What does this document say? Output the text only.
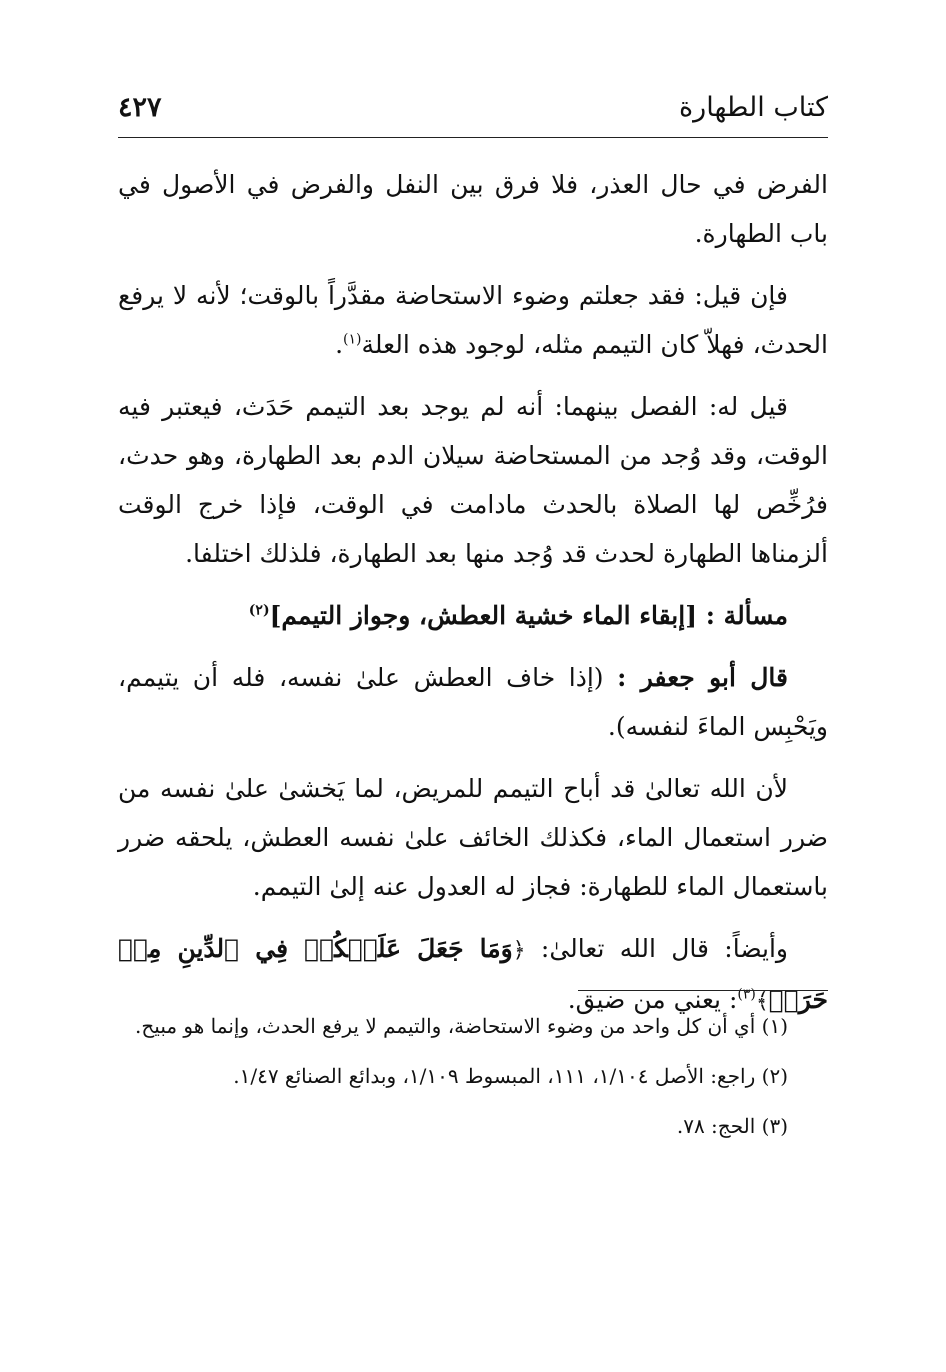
كتاب الطهارة
٤٢٧

الفرض في حال العذر، فلا فرق بين النفل والفرض في الأصول في باب الطهارة.

فإن قيل: فقد جعلتم وضوء الاستحاضة مقدَّراً بالوقت؛ لأنه لا يرفع الحدث، فهلاّ كان التيمم مثله، لوجود هذه العلة$^{(١)}$.

قيل له: الفصل بينهما: أنه لم يوجد بعد التيمم حَدَث، فيعتبر فيه الوقت، وقد وُجد من المستحاضة سيلان الدم بعد الطهارة، وهو حدث، فرُخِّص لها الصلاة بالحدث مادامت في الوقت، فإذا خرج الوقت ألزمناها الطهارة لحدث قد وُجد منها بعد الطهارة، فلذلك اختلفا.

مسألة : [إبقاء الماء خشية العطش، وجواز التيمم]$^{(٢)}$

قال أبو جعفر : (إذا خاف العطش علىٰ نفسه، فله أن يتيمم، ويَحْبِس الماءَ لنفسه).

لأن الله تعالىٰ قد أباح التيمم للمريض، لما يَخشىٰ علىٰ نفسه من ضرر استعمال الماء، فكذلك الخائف علىٰ نفسه العطش، يلحقه ضرر باستعمال الماء للطهارة: فجاز له العدول عنه إلىٰ التيمم.

وأيضاً: قال الله تعالىٰ: ﴿وَمَا جَعَلَ عَلَيۡكُمۡ فِي ٱلدِّينِ مِنۡ حَرَجٖ﴾$^{(٣)}$: يعني من ضيق.

(١) أي أن كل واحد من وضوء الاستحاضة، والتيمم لا يرفع الحدث، وإنما هو مبيح.

(٢) راجع: الأصل ١/١٠٤، ١١١، المبسوط ١/١٠٩، وبدائع الصنائع ١/٤٧.

(٣) الحج: ٧٨.
